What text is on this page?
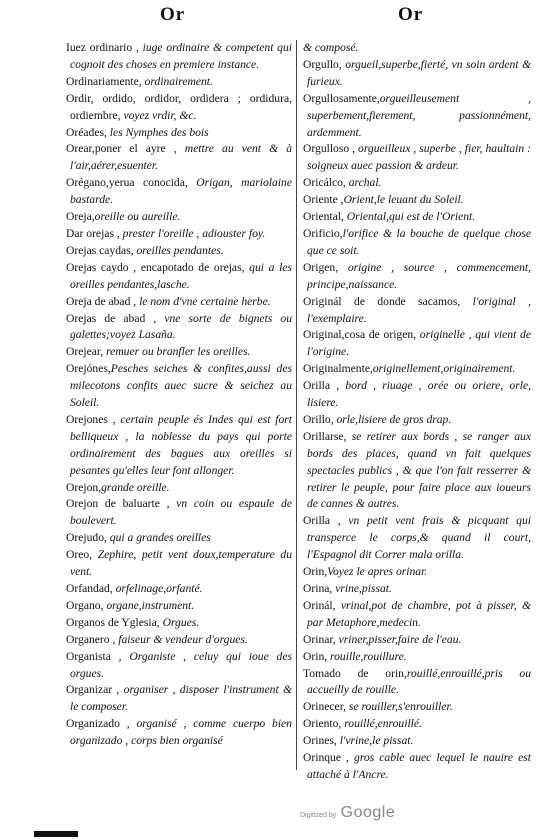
Or	Or

Iuez ordinario , iuge ordinaire & competent qui cognoit des choses en premiere instance.

Ordinariamente, ordinairement.

Ordir, ordido, ordidor, ordidera ; ordidura, ordiembre, voyez vrdir, &c.

Oréades, les Nymphes des bois

Orear,poner el ayre , mettre au vent & à l'air,aérer,esuenter.

Orégano,yerua conocida, Origan, mariolaine bastarde.

Oreja,oreille ou aureille.

Dar orejas , prester l'oreille , adiouster foy.

Orejas caydas, oreilles pendantes.

Orejas caydo , encapotado de orejas, qui a les oreilles pendantes,lasche.

Oreja de abad , le nom d'vne certaine herbe.

Orejas de abad , vne sorte de bignets ou galettes;voyez Lasaña.

Orejear, remuer ou branfler les oreilles.

Orejónes,Pesches seiches & confites,aussi des milecotons confits auec sucre & seichez au Soleil.

Orejones , certain peuple és Indes qui est fort belliqueux , la noblesse du pays qui porte ordinairement des bagues aux oreilles si pesantes qu'elles leur font allonger.

Orejon,grande oreille.

Orejon de baluarte , vn coin ou espaule de boulevert.

Orejudo, qui a grandes oreilles

Oreo, Zephire, petit vent doux,temperature du vent.

Orfandad, orfelinage,orfanté.

Organo, organe,instrument.

Organos de Yglesia, Orgues.

Organero , faiseur & vendeur d'orgues.

Organista , Organiste , celuy qui ioue des orgues.

Organizar , organiser , disposer l'instrument & le composer.

Organizado , organisé , comme cuerpo bien organizado , corps bien organisé

& composé.

Orgullo, orgueil,superbe,fierté, vn soin ardent & furieux.

Orgullosamente,orgueilleusement , superbement,fierement, passionnément, ardemment.

Orgulloso , orgueilleux , superbe , fier, haultain : soigneux auec passion & ardeur.

Oricálco, archal.

Oriente ,Orient,le leuant du Soleil.

Oriental, Oriental,qui est de l'Orient.

Orificio,l'orifice & la bouche de quelque chose que ce soit.

Origen, origine , source , commencement, principe,naissance.

Originál de donde sacamos, l'original , l'exemplaire.

Original,cosa de origen, originelle , qui vient de l'origine.

Originalmente,originellement,originairement.

Orilla , bord , riuage , orée ou oriere, orle, lisiere.

Orillo, orle,lisiere de gros drap.

Orillarse, se retirer aux bords , se ranger aux bords des places, quand vn fait quelques spectacles publics , & que l'on fait resserrer & retirer le peuple, pour faire place aux ioueurs de cannes & autres.

Orilla , vn petit vent frais & picquant qui transperce le corps,& quand il court, l'Espagnol dit Correr mala orilla.

Orin,Voyez le apres orinar.

Orina, vrine,pissat.

Orinál, vrinal,pot de chambre, pot à pisser, & par Metaphore,medecin.

Orinar, vriner,pisser,faire de l'eau.

Orin, rouille,rouillure.

Tomado de orin,rouillé,enrouillé,pris ou accueilly de rouille.

Orinecer, se rouiller,s'enrouiller.

Oriento, rouillé,enrouillé.

Orines, l'vrine,le pissat.

Orinque , gros cable auec lequel le nauire est attaché à l'Ancre.

Digitized by Google
